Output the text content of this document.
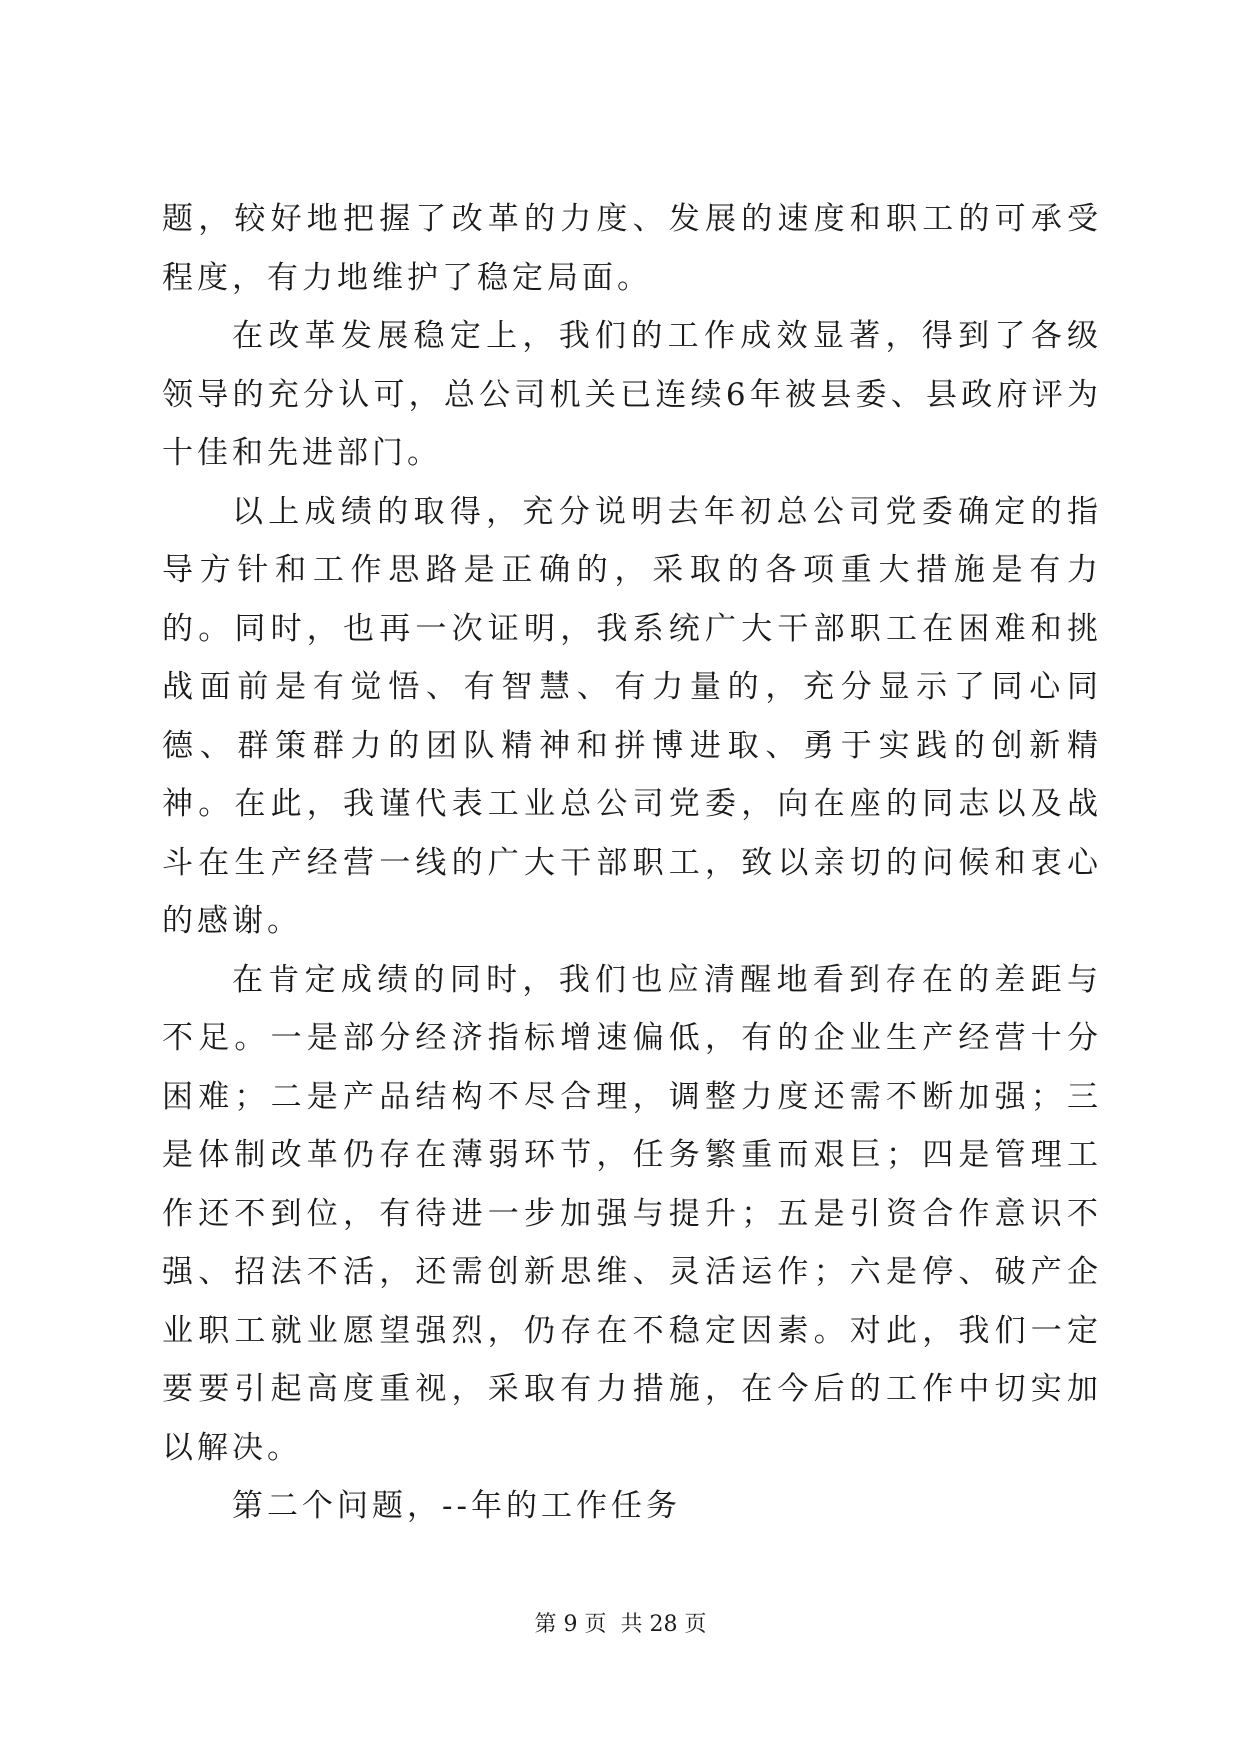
题，较好地把握了改革的力度、发展的速度和职工的可承受程度，有力地维护了稳定局面。

在改革发展稳定上，我们的工作成效显著，得到了各级领导的充分认可，总公司机关已连续6年被县委、县政府评为十佳和先进部门。

以上成绩的取得，充分说明去年初总公司党委确定的指导方针和工作思路是正确的，采取的各项重大措施是有力的。同时，也再一次证明，我系统广大干部职工在困难和挑战面前是有觉悟、有智慧、有力量的，充分显示了同心同德、群策群力的团队精神和拼博进取、勇于实践的创新精神。在此，我谨代表工业总公司党委，向在座的同志以及战斗在生产经营一线的广大干部职工，致以亲切的问候和衷心的感谢。

在肯定成绩的同时，我们也应清醒地看到存在的差距与不足。一是部分经济指标增速偏低，有的企业生产经营十分困难；二是产品结构不尽合理，调整力度还需不断加强；三是体制改革仍存在薄弱环节，任务繁重而艰巨；四是管理工作还不到位，有待进一步加强与提升；五是引资合作意识不强、招法不活，还需创新思维、灵活运作；六是停、破产企业职工就业愿望强烈，仍存在不稳定因素。对此，我们一定要要引起高度重视，采取有力措施，在今后的工作中切实加以解决。

第二个问题，--年的工作任务

第 9 页  共 28 页
